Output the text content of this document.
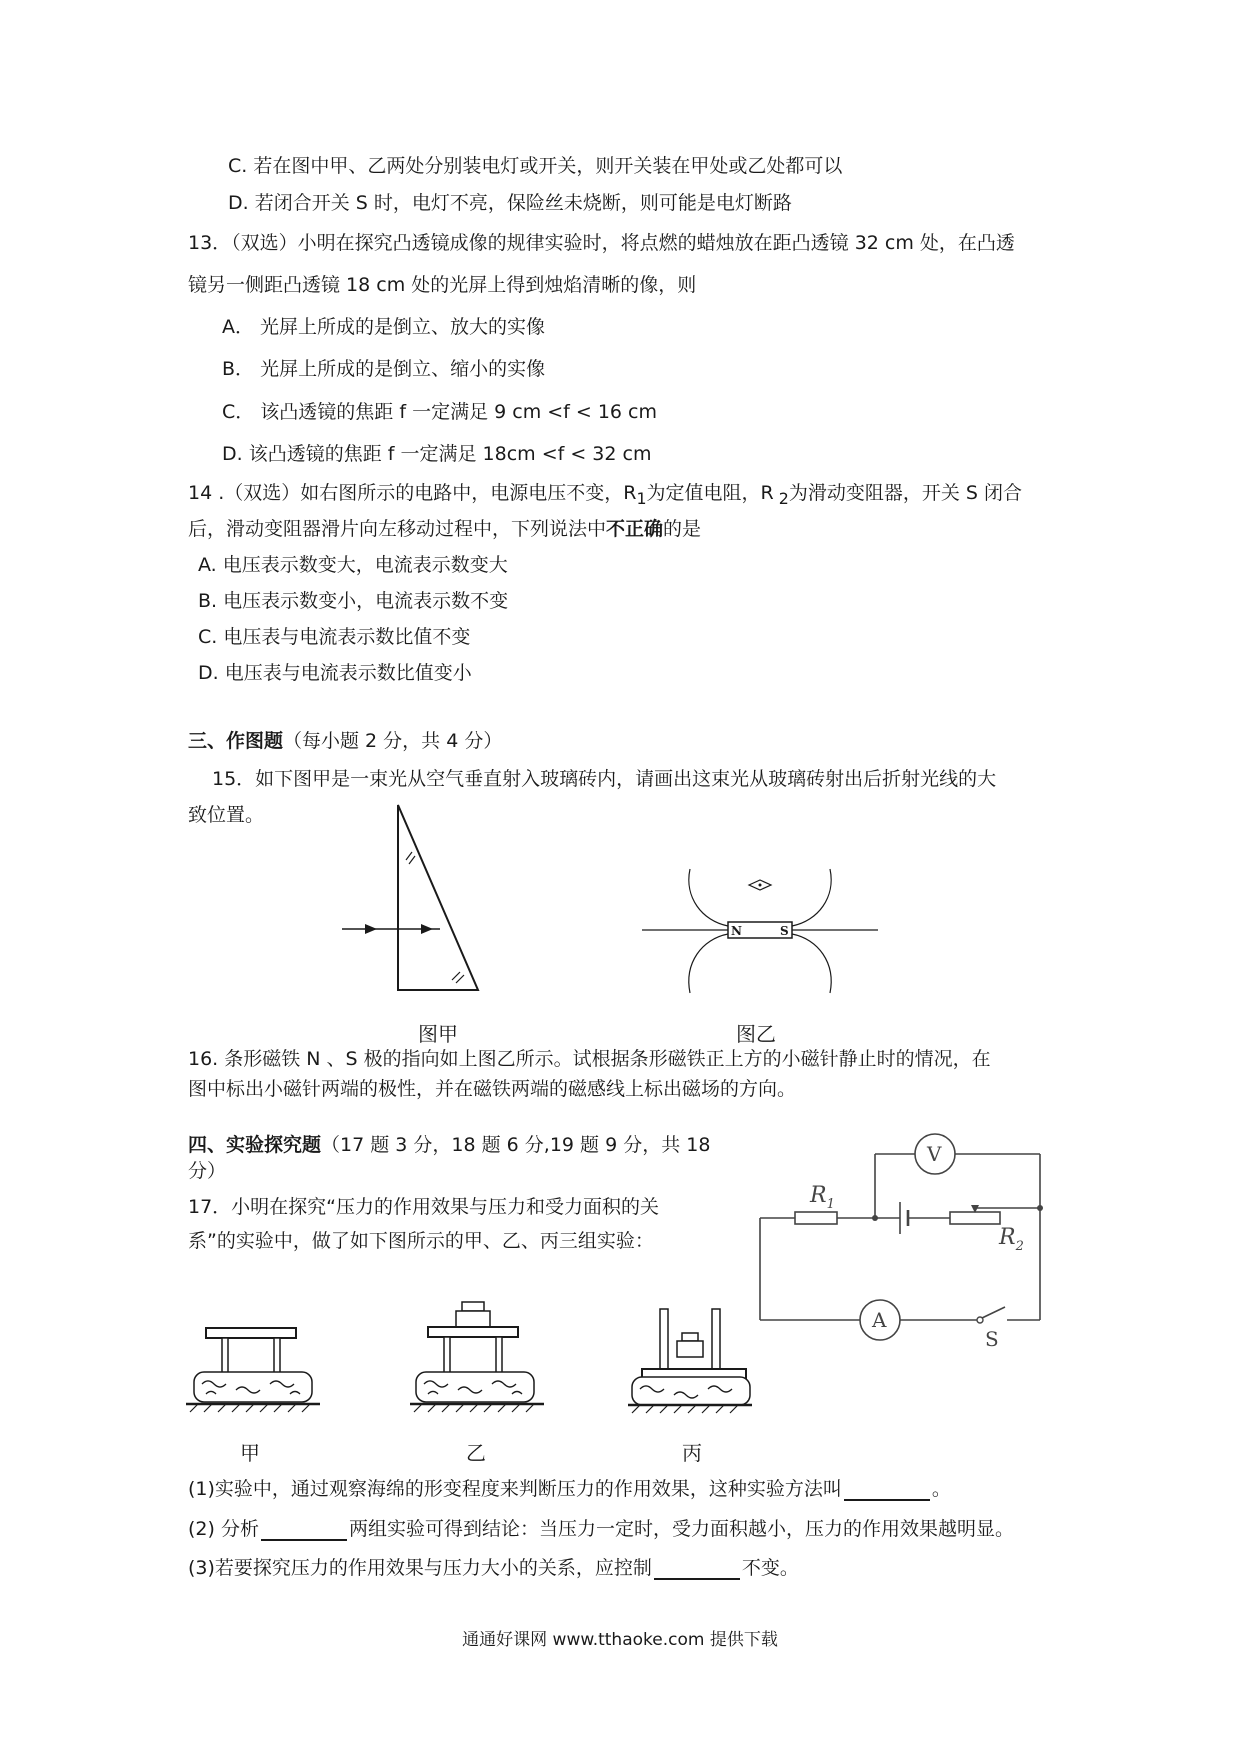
C. 若在图中甲、乙两处分别装电灯或开关，则开关装在甲处或乙处都可以
D. 若闭合开关 S 时，电灯不亮，保险丝未烧断，则可能是电灯断路
13．（双选）小明在探究凸透镜成像的规律实验时，将点燃的蜡烛放在距凸透镜 32 cm 处，在凸透
镜另一侧距凸透镜 18 cm 处的光屏上得到烛焰清晰的像，则
A． 光屏上所成的是倒立、放大的实像
B． 光屏上所成的是倒立、缩小的实像
C． 该凸透镜的焦距 f 一定满足 9 cm <f < 16 cm
D. 该凸透镜的焦距 f 一定满足 18cm <f < 32 cm
14 .（双选）如右图所示的电路中，电源电压不变，$R_1$为定值电阻，R $_2$为滑动变阻器，开关 S 闭合
后，滑动变阻器滑片向左移动过程中，下列说法中不正确的是
A. 电压表示数变大，电流表示数变大
B. 电压表示数变小，电流表示数不变
C. 电压表与电流表示数比值不变
D. 电压表与电流表示数比值变小
三、作图题（每小题 2 分，共 4 分）
15．如下图甲是一束光从空气垂直射入玻璃砖内，请画出这束光从玻璃砖射出后折射光线的大
致位置。
N	S
图甲	图乙
16. 条形磁铁 N 、S 极的指向如上图乙所示。试根据条形磁铁正上方的小磁针静止时的情况，在
图中标出小磁针两端的极性，并在磁铁两端的磁感线上标出磁场的方向。
四、实验探究题（17 题 3 分，18 题 6 分,19 题 9 分，共 18
分）
17．小明在探究“压力的作用效果与压力和受力面积的关
系”的实验中，做了如下图所示的甲、乙、丙三组实验：
V
$R_1$
$R_2$
A
S
甲	乙	丙
(1)实验中，通过观察海绵的形变程度来判断压力的作用效果，这种实验方法叫	。
(2) 分析	两组实验可得到结论：当压力一定时，受力面积越小，压力的作用效果越明显。
(3)若要探究压力的作用效果与压力大小的关系，应控制	不变。
通通好课网 www.tthaoke.com 提供下载
